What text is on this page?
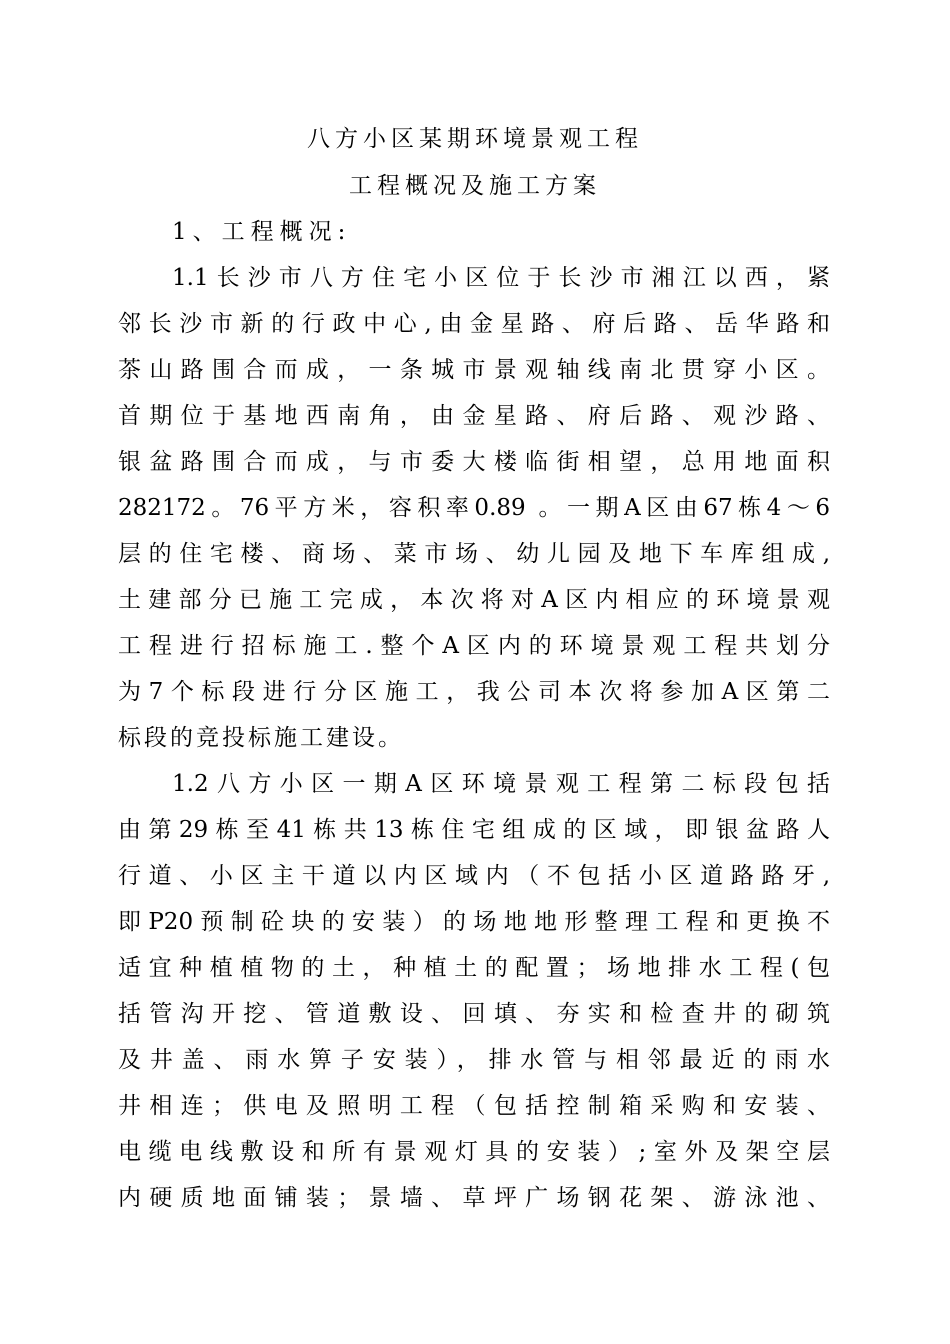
八方小区某期环境景观工程
工程概况及施工方案
1、工程概况:
1.1长沙市八方住宅小区位于长沙市湘江以西，紧
邻长沙市新的行政中心,由金星路、府后路、岳华路和
茶山路围合而成，一条城市景观轴线南北贯穿小区。
首期位于基地西南角，由金星路、府后路、观沙路、
银盆路围合而成，与市委大楼临街相望，总用地面积
282172。76平方米，容积率0.89 。一期A区由67栋4～6
层的住宅楼、商场、菜市场、幼儿园及地下车库组成,
土建部分已施工完成，本次将对A区内相应的环境景观
工程进行招标施工.整个A区内的环境景观工程共划分
为7个标段进行分区施工，我公司本次将参加A区第二
标段的竞投标施工建设。
1.2八方小区一期A区环境景观工程第二标段包括
由第29栋至41栋共13栋住宅组成的区域，即银盆路人
行道、小区主干道以内区域内（不包括小区道路路牙,
即P20预制砼块的安装）的场地地形整理工程和更换不
适宜种植植物的土，种植土的配置；场地排水工程(包
括管沟开挖、管道敷设、回填、夯实和检查井的砌筑
及井盖、雨水箅子安装），排水管与相邻最近的雨水
井相连；供电及照明工程（包括控制箱采购和安装、
电缆电线敷设和所有景观灯具的安装）;室外及架空层
内硬质地面铺装；景墙、草坪广场钢花架、游泳池、
